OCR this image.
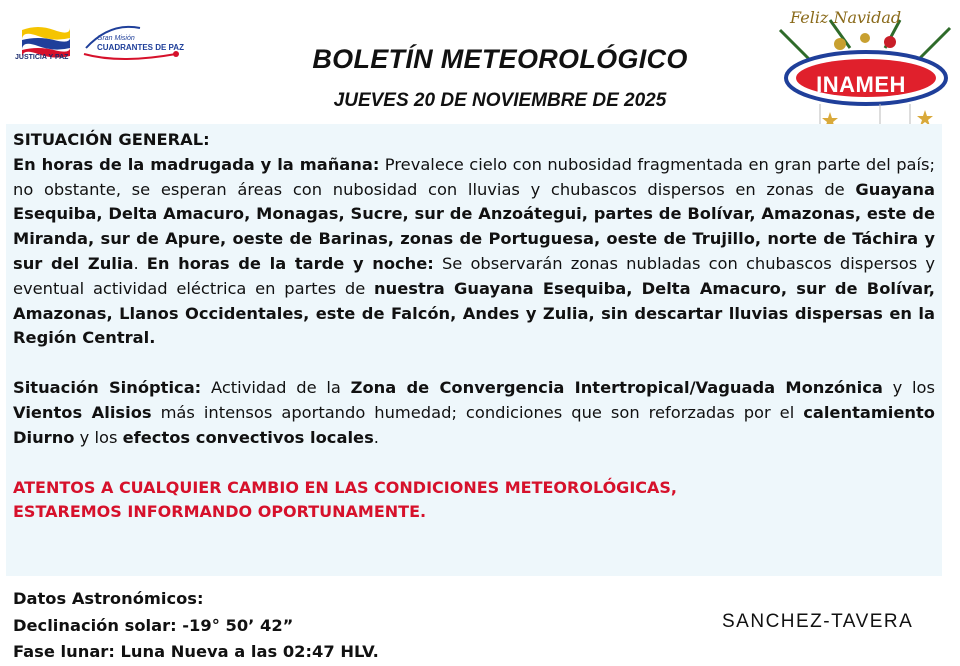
JUSTICIA Y PAZ
Gran Misión
CUADRANTES DE PAZ	BOLETÍN METEOROLÓGICO
JUEVES 20 DE NOVIEMBRE DE 2025
Feliz Navidad
INAMEH

SITUACIÓN GENERAL:
En horas de la madrugada y la mañana: Prevalece cielo con nubosidad fragmentada en gran parte del país; no obstante, se esperan áreas con nubosidad con lluvias y chubascos dispersos en zonas de Guayana Esequiba, Delta Amacuro, Monagas, Sucre, sur de Anzoátegui, partes de Bolívar, Amazonas, este de Miranda, sur de Apure, oeste de Barinas, zonas de Portuguesa, oeste de Trujillo, norte de Táchira y sur del Zulia. En horas de la tarde y noche: Se observarán zonas nubladas con chubascos dispersos y eventual actividad eléctrica en partes de nuestra Guayana Esequiba, Delta Amacuro, sur de Bolívar, Amazonas, Llanos Occidentales, este de Falcón, Andes y Zulia, sin descartar lluvias dispersas en la Región Central.

Situación Sinóptica: Actividad de la Zona de Convergencia Intertropical/Vaguada Monzónica y los Vientos Alisios más intensos aportando humedad; condiciones que son reforzadas por el calentamiento Diurno y los efectos convectivos locales.

ATENTOS A CUALQUIER CAMBIO EN LAS CONDICIONES METEOROLÓGICAS,
ESTAREMOS INFORMANDO OPORTUNAMENTE.

Datos Astronómicos:
Declinación solar: -19° 50’ 42”
Fase lunar: Luna Nueva a las 02:47 HLV.
SANCHEZ-TAVERA
